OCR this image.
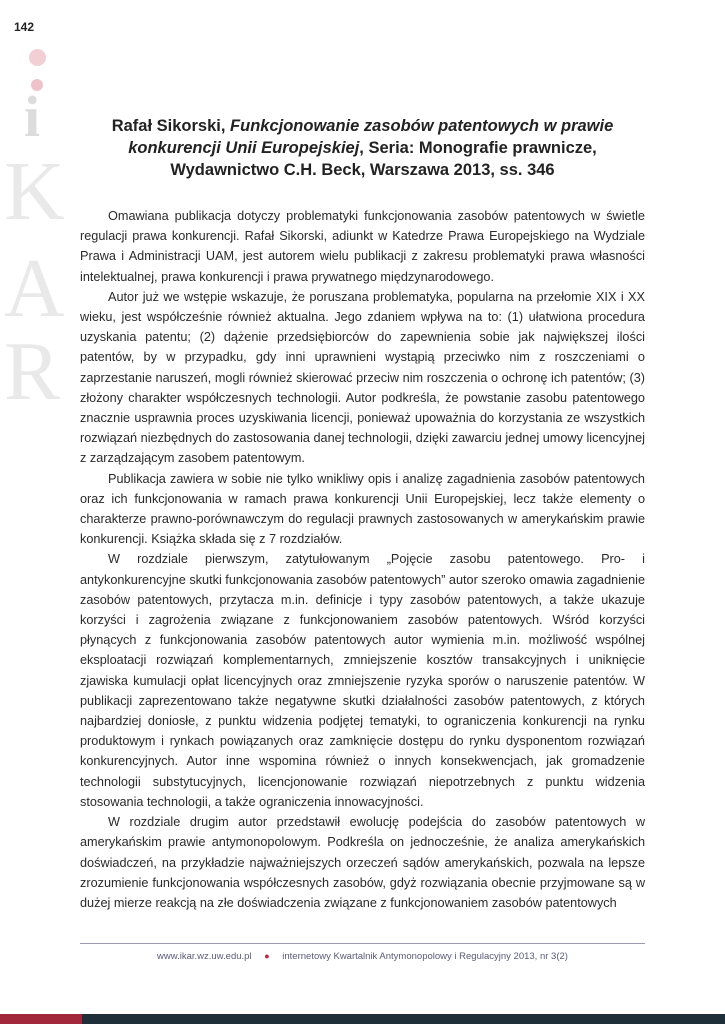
142
i
K
A
R
Rafał Sikorski, Funkcjonowanie zasobów patentowych w prawie konkurencji Unii Europejskiej, Seria: Monografie prawnicze, Wydawnictwo C.H. Beck, Warszawa 2013, ss. 346

Omawiana publikacja dotyczy problematyki funkcjonowania zasobów patentowych w świetle regulacji prawa konkurencji. Rafał Sikorski, adiunkt w Katedrze Prawa Europejskiego na Wydziale Prawa i Administracji UAM, jest autorem wielu publikacji z zakresu problematyki prawa własności intelektualnej, prawa konkurencji i prawa prywatnego międzynarodowego.

Autor już we wstępie wskazuje, że poruszana problematyka, popularna na przełomie XIX i XX wieku, jest współcześnie również aktualna. Jego zdaniem wpływa na to: (1) ułatwiona procedura uzyskania patentu; (2) dążenie przedsiębiorców do zapewnienia sobie jak największej ilości patentów, by w przypadku, gdy inni uprawnieni wystąpią przeciwko nim z roszczeniami o zaprzestanie naruszeń, mogli również skierować przeciw nim roszczenia o ochronę ich patentów; (3) złożony charakter współczesnych technologii. Autor podkreśla, że powstanie zasobu patentowego znacznie usprawnia proces uzyskiwania licencji, ponieważ upoważnia do korzystania ze wszystkich rozwiązań niezbędnych do zastosowania danej technologii, dzięki zawarciu jednej umowy licencyjnej z zarządzającym zasobem patentowym.

Publikacja zawiera w sobie nie tylko wnikliwy opis i analizę zagadnienia zasobów patentowych oraz ich funkcjonowania w ramach prawa konkurencji Unii Europejskiej, lecz także elementy o charakterze prawno-porównawczym do regulacji prawnych zastosowanych w amerykańskim prawie konkurencji. Książka składa się z 7 rozdziałów.

W rozdziale pierwszym, zatytułowanym „Pojęcie zasobu patentowego. Pro- i antykonkurencyjne skutki funkcjonowania zasobów patentowych” autor szeroko omawia zagadnienie zasobów patentowych, przytacza m.in. definicje i typy zasobów patentowych, a także ukazuje korzyści i zagrożenia związane z funkcjonowaniem zasobów patentowych. Wśród korzyści płynących z funkcjonowania zasobów patentowych autor wymienia m.in. możliwość wspólnej eksploatacji rozwiązań komplementarnych, zmniejszenie kosztów transakcyjnych i uniknięcie zjawiska kumulacji opłat licencyjnych oraz zmniejszenie ryzyka sporów o naruszenie patentów. W publikacji zaprezentowano także negatywne skutki działalności zasobów patentowych, z których najbardziej doniosłe, z punktu widzenia podjętej tematyki, to ograniczenia konkurencji na rynku produktowym i rynkach powiązanych oraz zamknięcie dostępu do rynku dysponentom rozwiązań konkurencyjnych. Autor inne wspomina również o innych konsekwencjach, jak gromadzenie technologii substytucyjnych, licencjonowanie rozwiązań niepotrzebnych z punktu widzenia stosowania technologii, a także ograniczenia innowacyjności.

W rozdziale drugim autor przedstawił ewolucję podejścia do zasobów patentowych w amerykańskim prawie antymonopolowym. Podkreśla on jednocześnie, że analiza amerykańskich doświadczeń, na przykładzie najważniejszych orzeczeń sądów amerykańskich, pozwala na lepsze zrozumienie funkcjonowania współczesnych zasobów, gdyż rozwiązania obecnie przyjmowane są w dużej mierze reakcją na złe doświadczenia związane z funkcjonowaniem zasobów patentowych

www.ikar.wz.uw.edu.pl ● internetowy Kwartalnik Antymonopolowy i Regulacyjny 2013, nr 3(2)
